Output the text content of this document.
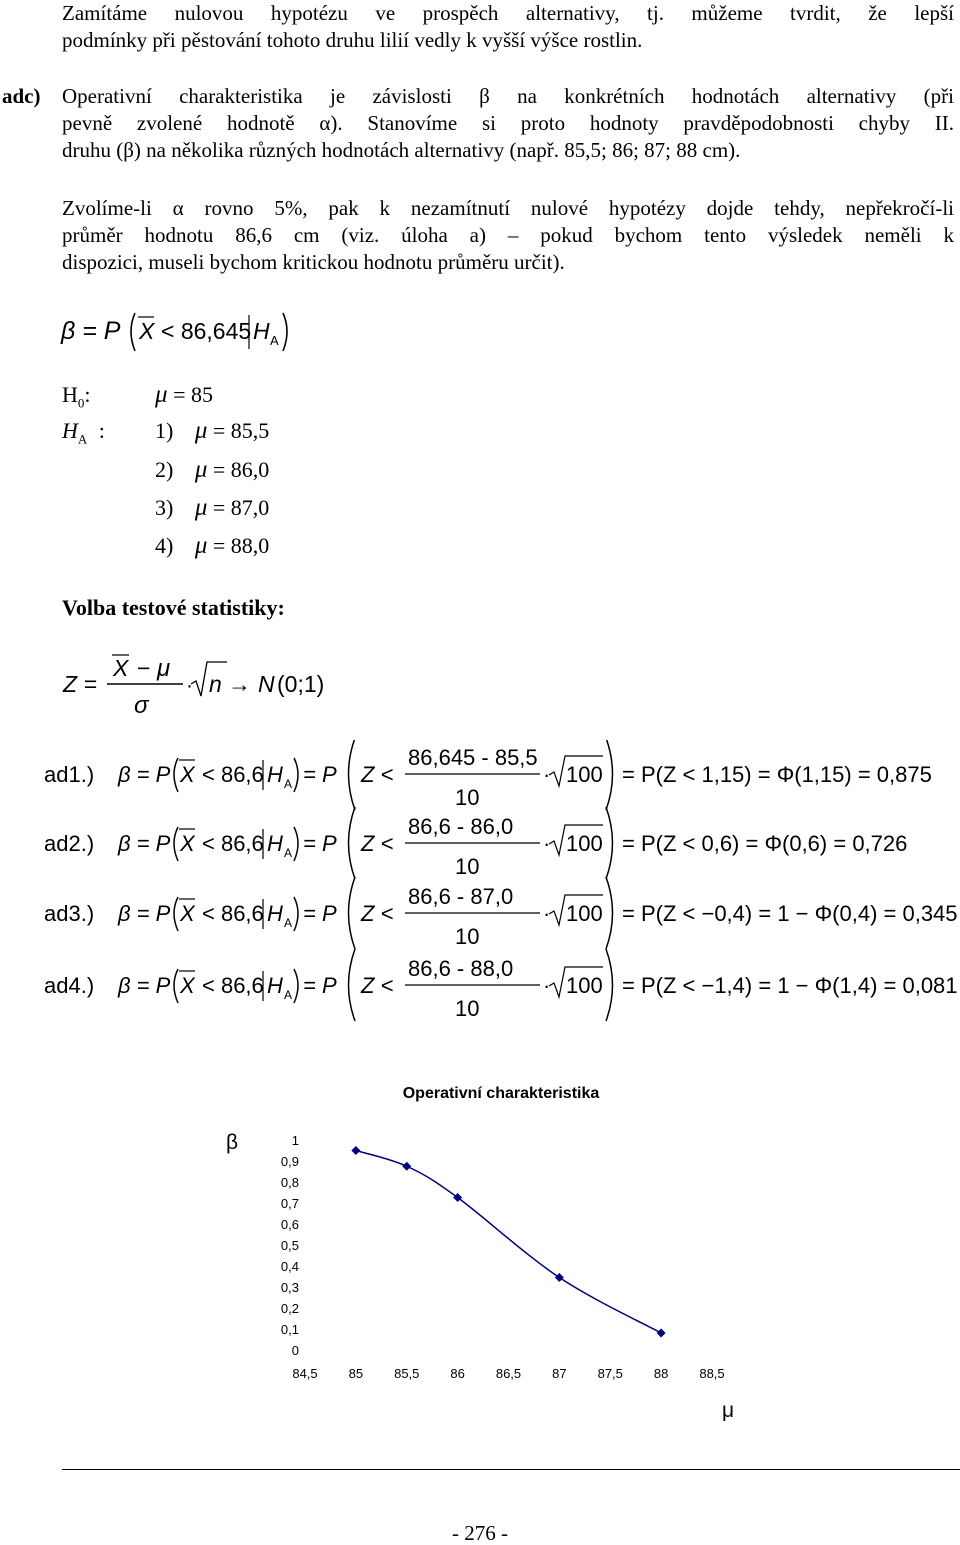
Zamítáme nulovou hypotézu ve prospěch alternativy, tj. můžeme tvrdit, že lepší
podmínky při pěstování tohoto druhu lilií vedly k vyšší výšce rostlin.
adc) Operativní charakteristika je závislosti β na konkrétních hodnotách alternativy (při
pevně zvolené hodnotě α). Stanovíme si proto hodnoty pravděpodobnosti chyby II.
druhu (β) na několika různých hodnotách alternativy (např. 85,5; 86; 87; 88 cm).
Zvolíme-li α rovno 5%, pak k nezamítnutí nulové hypotézy dojde tehdy, nepřekročí-li
průměr hodnotu 86,6 cm (viz. úloha a) – pokud bychom tento výsledek neměli k
dispozici, museli bychom kritickou hodnotu průměru určit).
β = P X < 86,645 H A
$H_0$:	μ = 85
$H_A$ : 1) μ = 85,5
2) μ = 86,0
3) μ = 87,0
4) μ = 88,0
Volba testové statistiky:
Z =
X − μ
σ
· n → N (0;1)
ad1.) β = P X < 86,6 H A = P Z <
86,645 - 85,5
10
· 100 = P(Z < 1,15) = Φ(1,15) = 0,875
ad2.) β = P X < 86,6 H A = P Z <
86,6 - 86,0
10
· 100 = P(Z < 0,6) = Φ(0,6) = 0,726
ad3.) β = P X < 86,6 H A = P Z <
86,6 - 87,0
10
· 100 = P(Z < −0,4) = 1 − Φ(0,4) = 0,345
ad4.) β = P X < 86,6 H A = P Z <
86,6 - 88,0
10
· 100 = P(Z < −1,4) = 1 − Φ(1,4) = 0,081
Operativní charakteristika
β
μ
0
0,1
0,2
0,3
0,4
0,5
0,6
0,7
0,8
0,9
1
84,5 85 85,5 86 86,5 87 87,5 88 88,5
- 276 -
